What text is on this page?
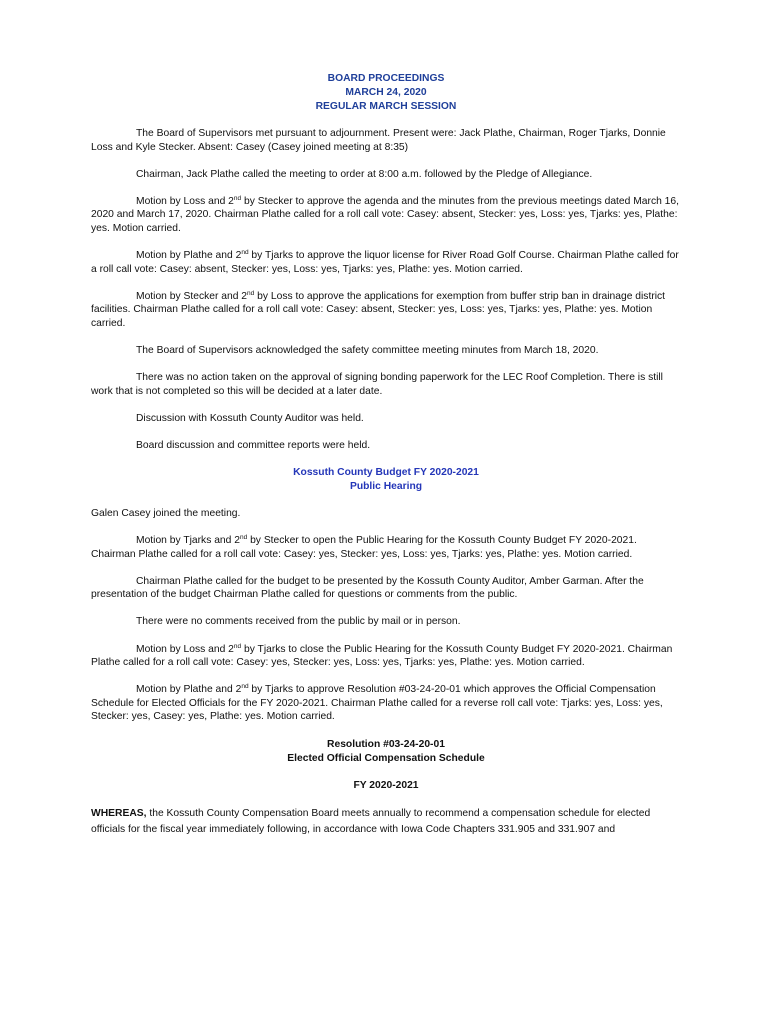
BOARD PROCEEDINGS
MARCH 24, 2020
REGULAR MARCH SESSION

The Board of Supervisors met pursuant to adjournment. Present were: Jack Plathe, Chairman, Roger Tjarks, Donnie Loss and Kyle Stecker. Absent: Casey (Casey joined meeting at 8:35)

Chairman, Jack Plathe called the meeting to order at 8:00 a.m. followed by the Pledge of Allegiance.

Motion by Loss and 2nd by Stecker to approve the agenda and the minutes from the previous meetings dated March 16, 2020 and March 17, 2020. Chairman Plathe called for a roll call vote: Casey: absent, Stecker: yes, Loss: yes, Tjarks: yes, Plathe: yes. Motion carried.

Motion by Plathe and 2nd by Tjarks to approve the liquor license for River Road Golf Course. Chairman Plathe called for a roll call vote: Casey: absent, Stecker: yes, Loss: yes, Tjarks: yes, Plathe: yes. Motion carried.

Motion by Stecker and 2nd by Loss to approve the applications for exemption from buffer strip ban in drainage district facilities. Chairman Plathe called for a roll call vote: Casey: absent, Stecker: yes, Loss: yes, Tjarks: yes, Plathe: yes. Motion carried.

The Board of Supervisors acknowledged the safety committee meeting minutes from March 18, 2020.

There was no action taken on the approval of signing bonding paperwork for the LEC Roof Completion. There is still work that is not completed so this will be decided at a later date.

Discussion with Kossuth County Auditor was held.

Board discussion and committee reports were held.

Kossuth County Budget FY 2020-2021
Public Hearing

Galen Casey joined the meeting.

Motion by Tjarks and 2nd by Stecker to open the Public Hearing for the Kossuth County Budget FY 2020-2021. Chairman Plathe called for a roll call vote: Casey: yes, Stecker: yes, Loss: yes, Tjarks: yes, Plathe: yes. Motion carried.

Chairman Plathe called for the budget to be presented by the Kossuth County Auditor, Amber Garman. After the presentation of the budget Chairman Plathe called for questions or comments from the public.

There were no comments received from the public by mail or in person.

Motion by Loss and 2nd by Tjarks to close the Public Hearing for the Kossuth County Budget FY 2020-2021. Chairman Plathe called for a roll call vote: Casey: yes, Stecker: yes, Loss: yes, Tjarks: yes, Plathe: yes. Motion carried.

Motion by Plathe and 2nd by Tjarks to approve Resolution #03-24-20-01 which approves the Official Compensation Schedule for Elected Officials for the FY 2020-2021. Chairman Plathe called for a reverse roll call vote: Tjarks: yes, Loss: yes, Stecker: yes, Casey: yes, Plathe: yes. Motion carried.

Resolution #03-24-20-01
Elected Official Compensation Schedule
FY 2020-2021

WHEREAS, the Kossuth County Compensation Board meets annually to recommend a compensation schedule for elected officials for the fiscal year immediately following, in accordance with Iowa Code Chapters 331.905 and 331.907 and
